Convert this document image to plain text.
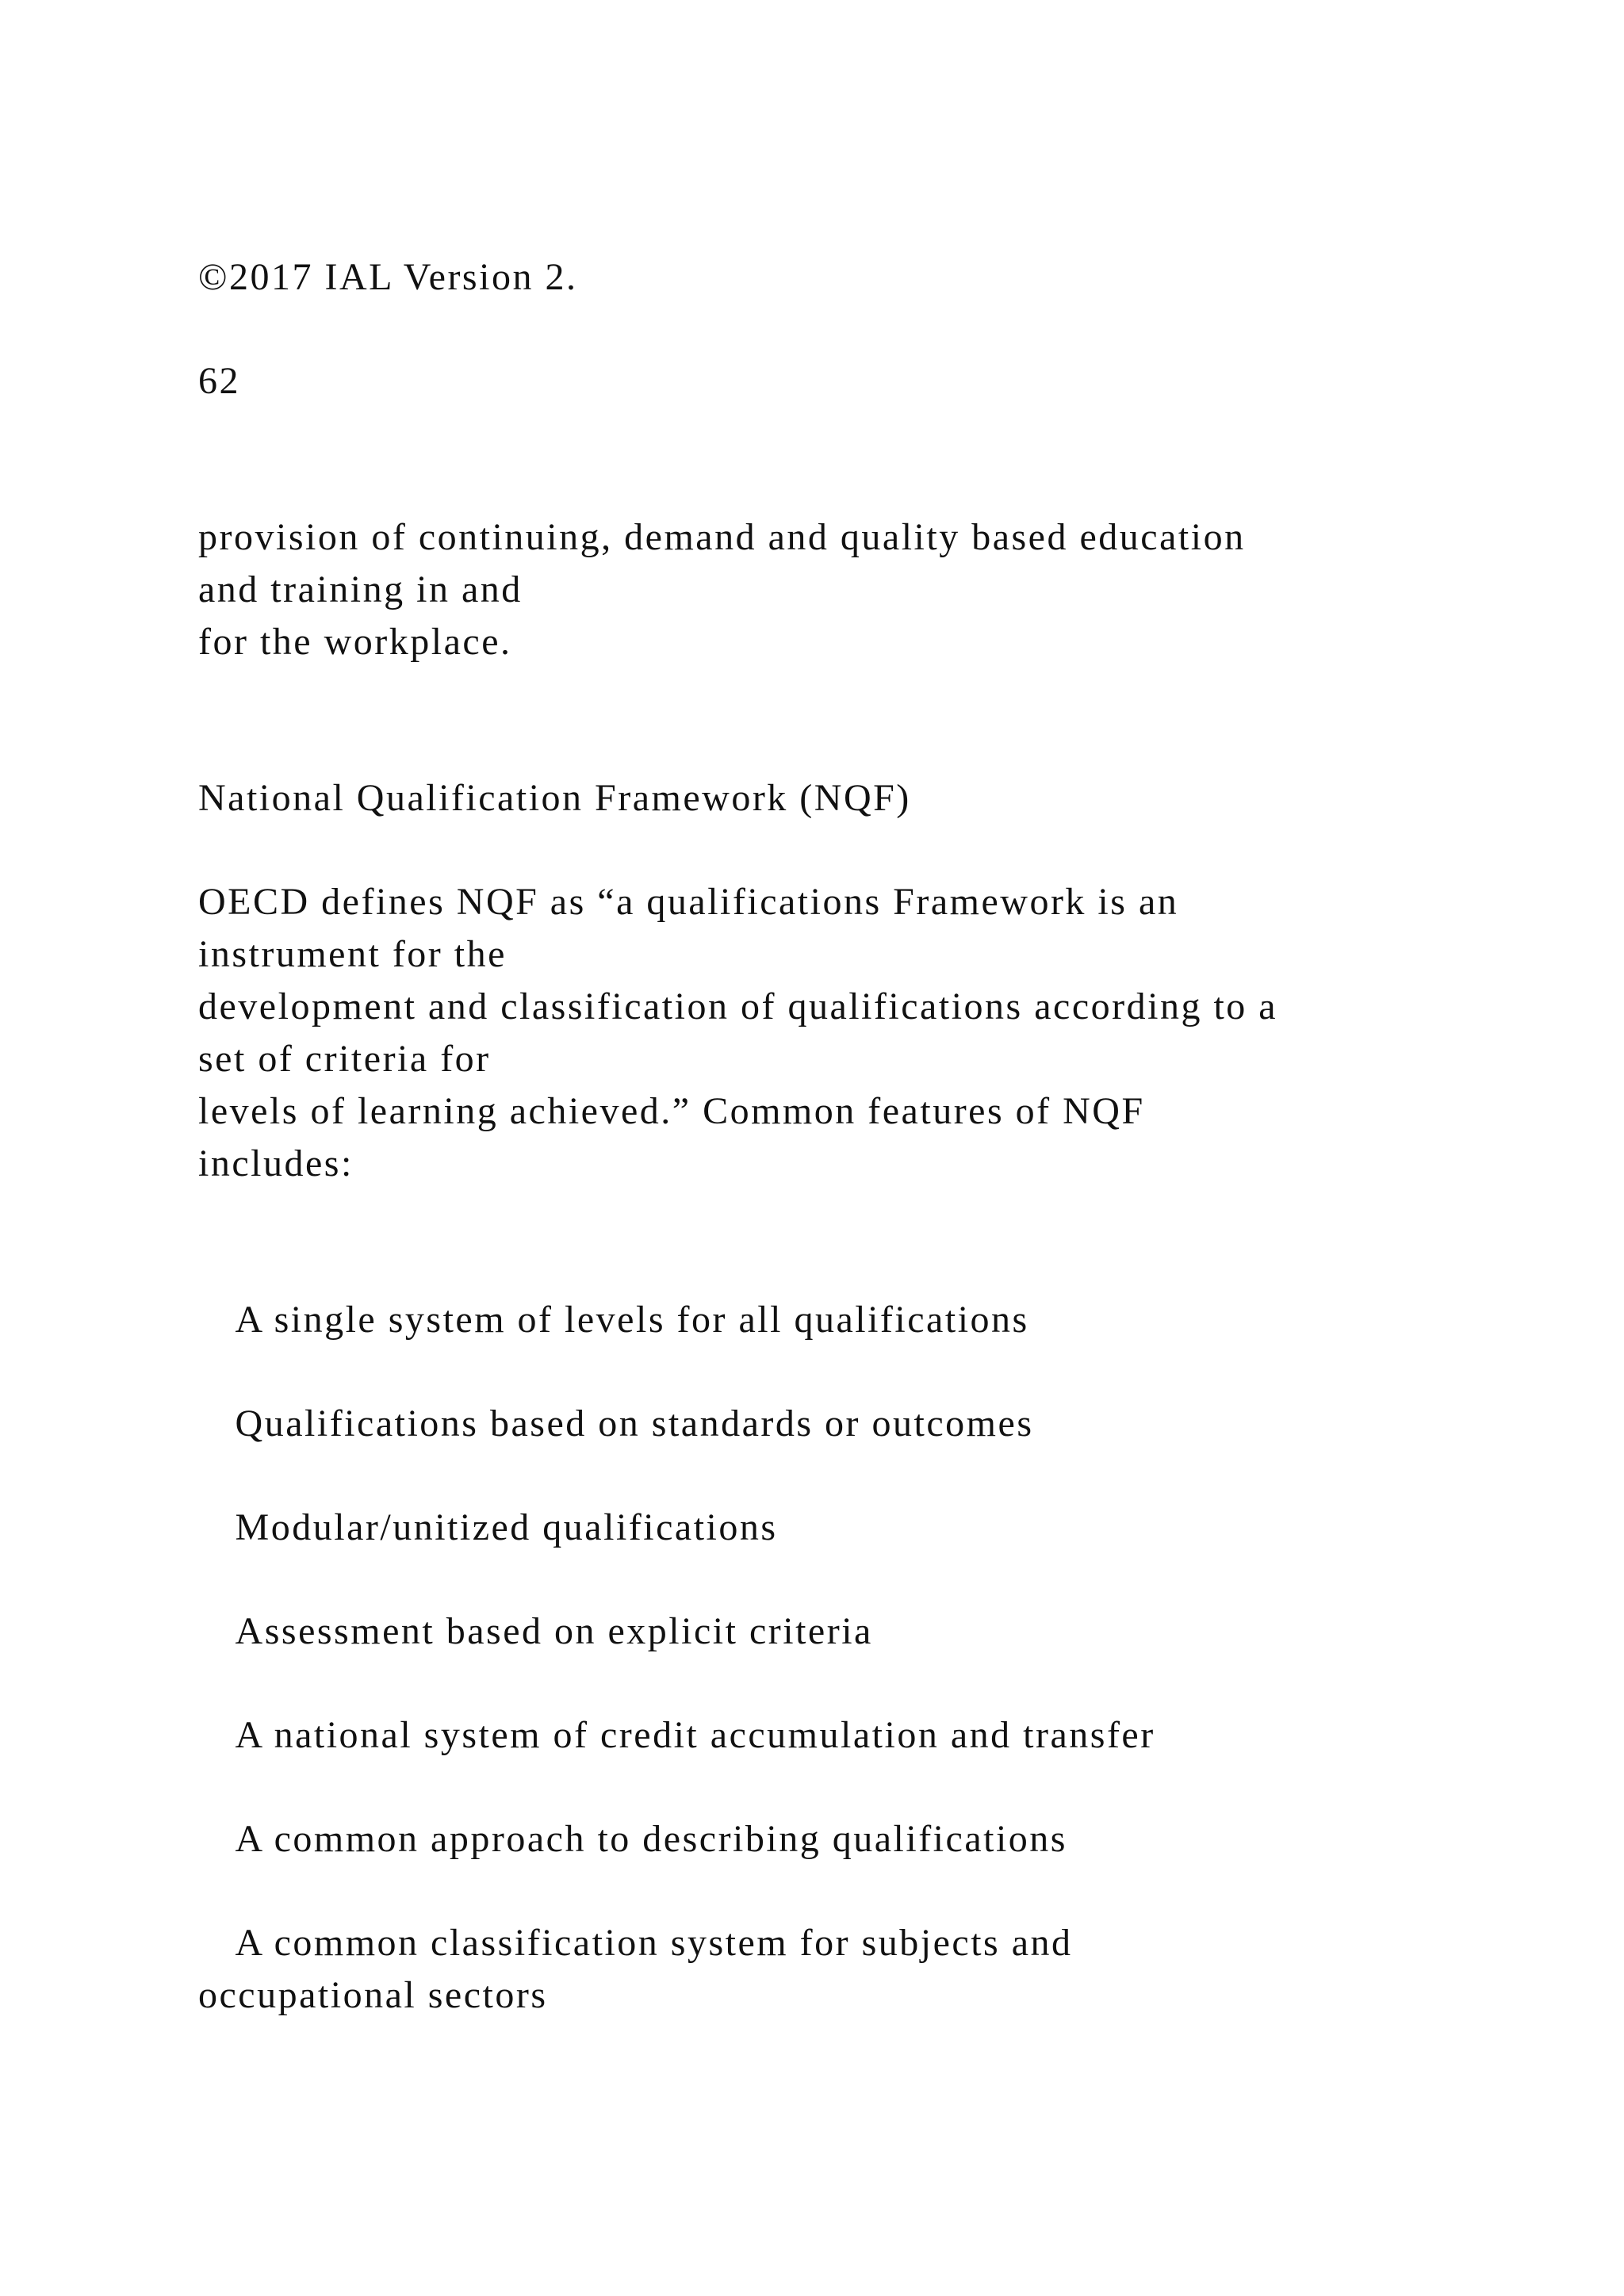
©2017 IAL Version 2.
62
provision of continuing, demand and quality based education
and training in and
for the workplace.
National Qualification Framework (NQF)
OECD defines NQF as “a qualifications Framework is an
instrument for the
development and classification of qualifications according to a
set of criteria for
levels of learning achieved.” Common features of NQF
includes:
A single system of levels for all qualifications
Qualifications based on standards or outcomes
Modular/unitized qualifications
Assessment based on explicit criteria
A national system of credit accumulation and transfer
A common approach to describing qualifications
A common classification system for subjects and
occupational sectors
